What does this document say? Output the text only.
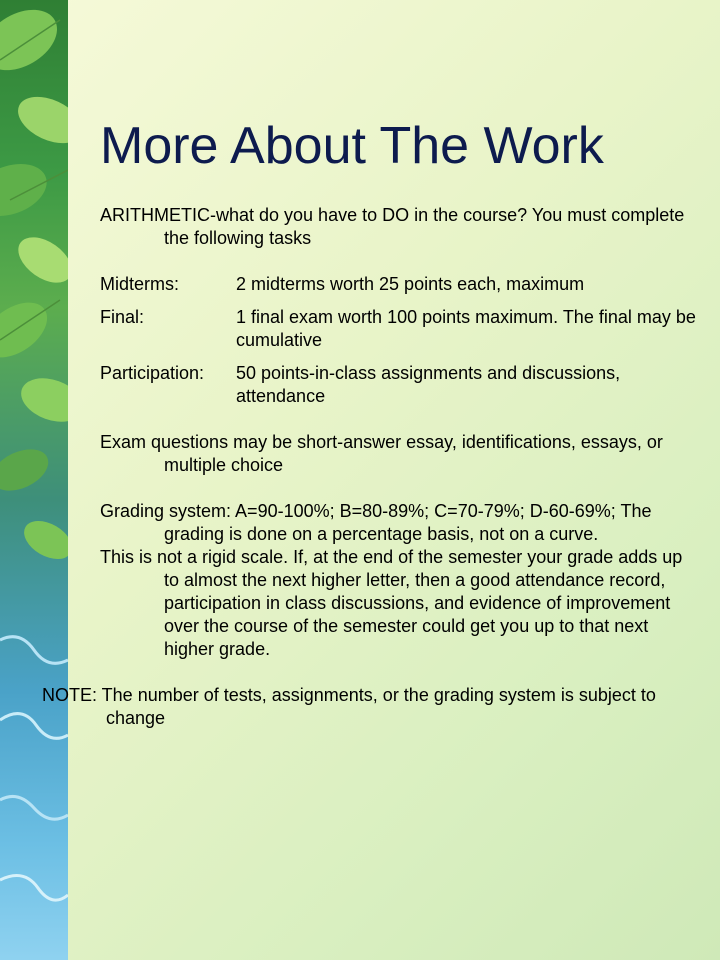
More About The Work

ARITHMETIC-what do you have to DO in the course? You must complete the following tasks

Midterms:	2 midterms worth 25 points each, maximum
Final:	1 final exam worth 100 points maximum. The final may be cumulative
Participation:	50 points-in-class assignments and discussions, attendance

Exam questions may be short-answer essay, identifications, essays, or multiple choice

Grading system: A=90-100%; B=80-89%; C=70-79%; D-60-69%; The grading is done on a percentage basis, not on a curve.

This is not a rigid scale. If, at the end of the semester your grade adds up to almost the next higher letter, then a good attendance record, participation in class discussions, and evidence of improvement over the course of the semester could get you up to that next higher grade.

NOTE: The number of tests, assignments, or the grading system is subject to change
